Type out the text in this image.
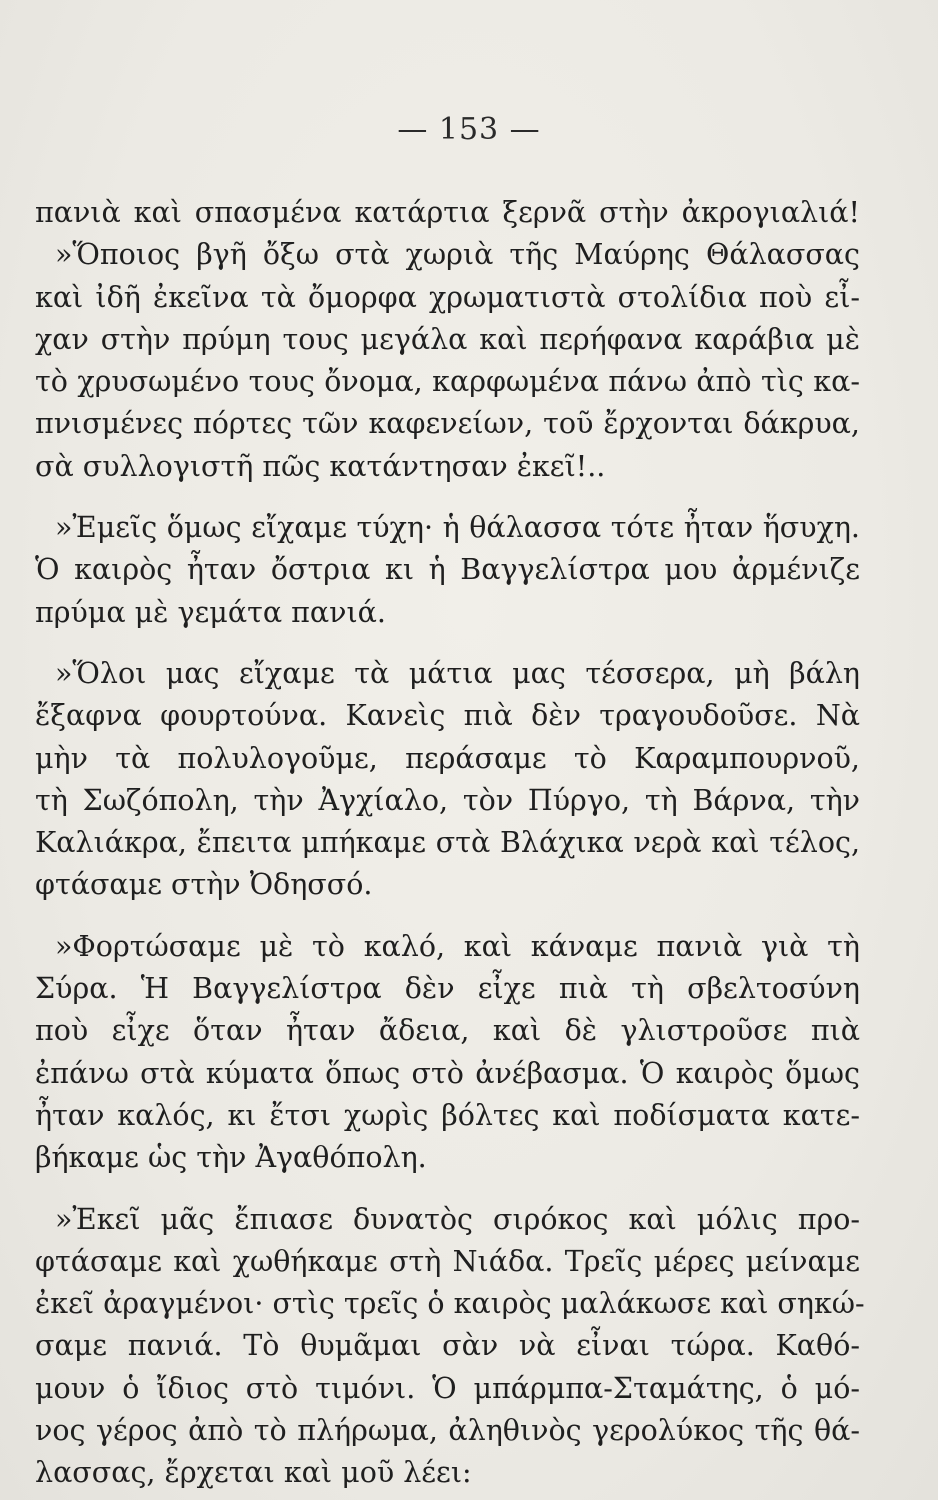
— 153 —
πανιὰ καὶ σπασμένα κατάρτια ξερνᾶ στὴν ἀκρογιαλιά!
»Ὅποιος βγῆ ὄξω στὰ χωριὰ τῆς Μαύρης Θάλασσας
καὶ ἰδῆ ἐκεῖνα τὰ ὄμορφα χρωματιστὰ στολίδια ποὺ εἶ-
χαν στὴν πρύμη τους μεγάλα καὶ περήφανα καράβια μὲ
τὸ χρυσωμένο τους ὄνομα, καρφωμένα πάνω ἀπὸ τὶς κα-
πνισμένες πόρτες τῶν καφενείων, τοῦ ἔρχονται δάκρυα,
σὰ συλλογιστῆ πῶς κατάντησαν ἐκεῖ!..
»Ἐμεῖς ὅμως εἴχαμε τύχη· ἡ θάλασσα τότε ἦταν ἥσυχη.
Ὁ καιρὸς ἦταν ὄστρια κι ἡ Βαγγελίστρα μου ἀρμένιζε
πρύμα μὲ γεμάτα πανιά.
»Ὅλοι μας εἴχαμε τὰ μάτια μας τέσσερα, μὴ βάλη
ἔξαφνα φουρτούνα. Κανεὶς πιὰ δὲν τραγουδοῦσε. Νὰ
μὴν τὰ πολυλογοῦμε, περάσαμε τὸ Καραμπουρνοῦ,
τὴ Σωζόπολη, τὴν Ἀγχίαλο, τὸν Πύργο, τὴ Βάρνα, τὴν
Καλιάκρα, ἔπειτα μπήκαμε στὰ Βλάχικα νερὰ καὶ τέλος,
φτάσαμε στὴν Ὀδησσό.
»Φορτώσαμε μὲ τὸ καλό, καὶ κάναμε πανιὰ γιὰ τὴ
Σύρα. Ἡ Βαγγελίστρα δὲν εἶχε πιὰ τὴ σβελτοσύνη
ποὺ εἶχε ὅταν ἦταν ἄδεια, καὶ δὲ γλιστροῦσε πιὰ
ἐπάνω στὰ κύματα ὅπως στὸ ἀνέβασμα. Ὁ καιρὸς ὅμως
ἦταν καλός, κι ἔτσι χωρὶς βόλτες καὶ ποδίσματα κατε-
βήκαμε ὡς τὴν Ἀγαθόπολη.
»Ἐκεῖ μᾶς ἔπιασε δυνατὸς σιρόκος καὶ μόλις προ-
φτάσαμε καὶ χωθήκαμε στὴ Νιάδα. Τρεῖς μέρες μείναμε
ἐκεῖ ἀραγμένοι· στὶς τρεῖς ὁ καιρὸς μαλάκωσε καὶ σηκώ-
σαμε πανιά. Τὸ θυμᾶμαι σὰν νὰ εἶναι τώρα. Καθό-
μουν ὁ ἴδιος στὸ τιμόνι. Ὁ μπάρμπα-Σταμάτης, ὁ μό-
νος γέρος ἀπὸ τὸ πλήρωμα, ἀληθινὸς γερολύκος τῆς θά-
λασσας, ἔρχεται καὶ μοῦ λέει:
